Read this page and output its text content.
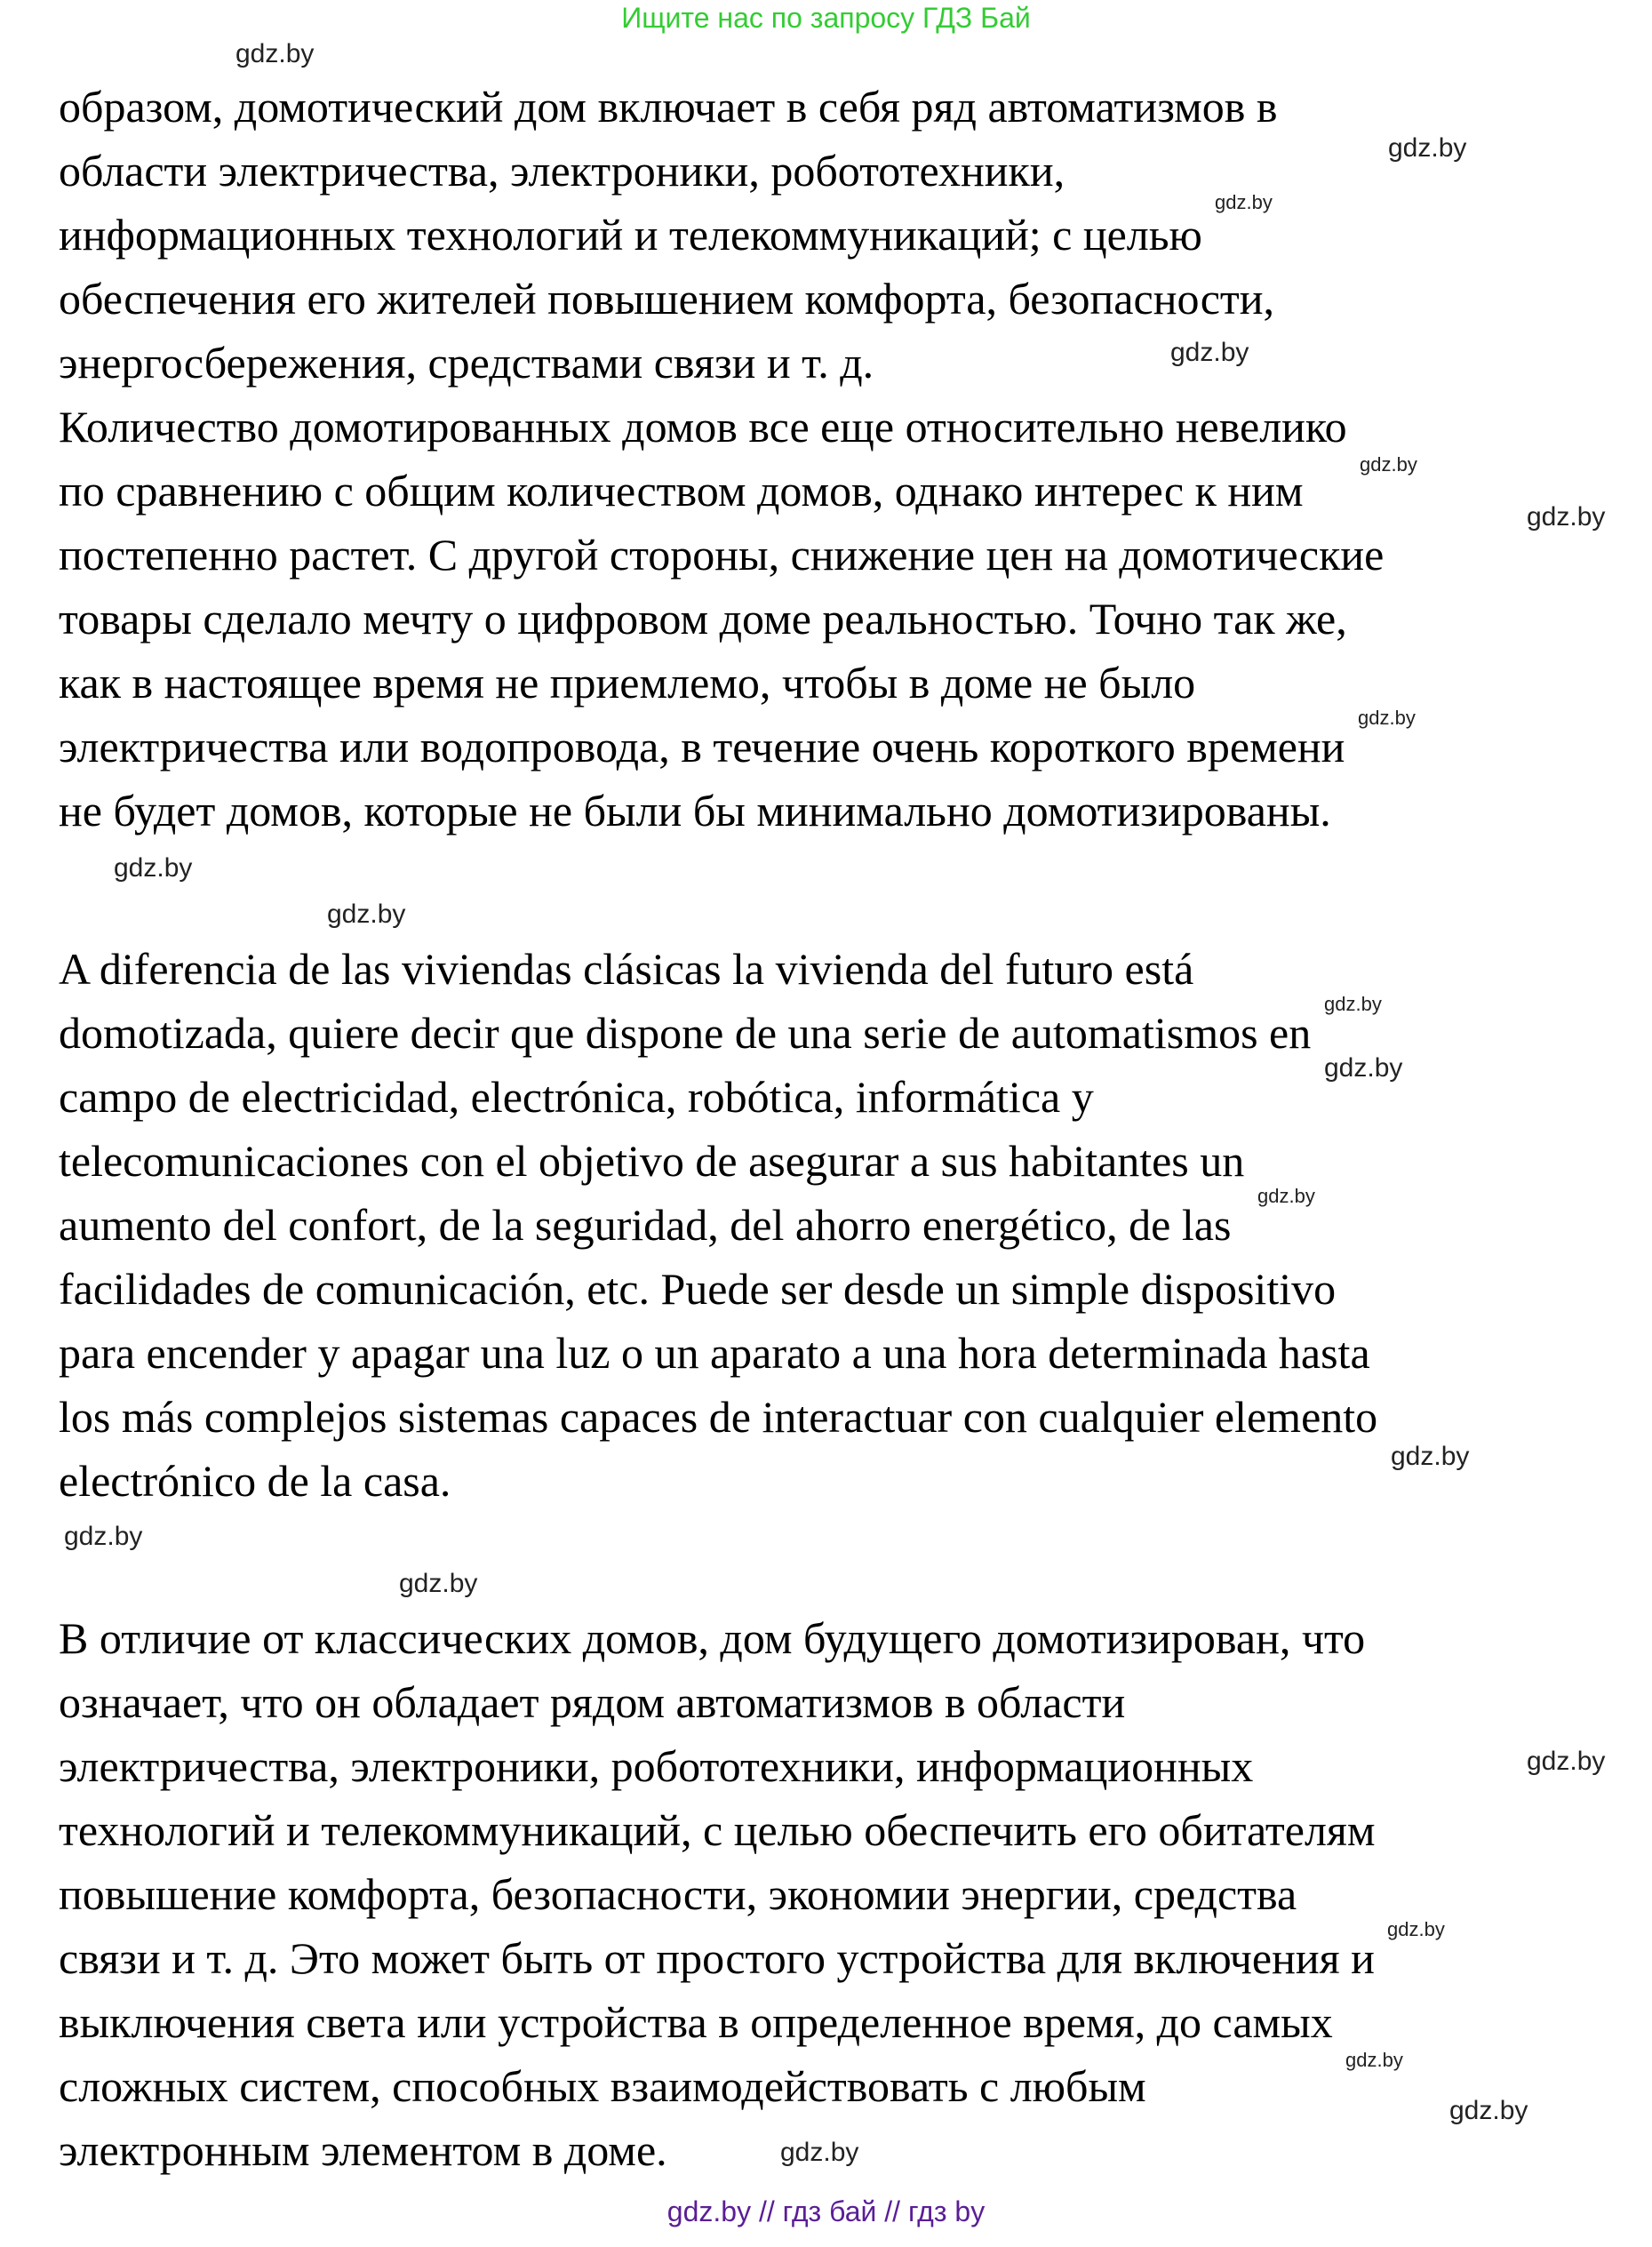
Ищите нас по запросу ГДЗ Бай
образом, домотический дом включает в себя ряд автоматизмов в
области электричества, электроники, робототехники,
информационных технологий и телекоммуникаций; с целью
обеспечения его жителей повышением комфорта, безопасности,
энергосбережения, средствами связи и т. д.
Количество домотированных домов все еще относительно невелико
по сравнению с общим количеством домов, однако интерес к ним
постепенно растет. С другой стороны, снижение цен на домотические
товары сделало мечту о цифровом доме реальностью. Точно так же,
как в настоящее время не приемлемо, чтобы в доме не было
электричества или водопровода, в течение очень короткого времени
не будет домов, которые не были бы минимально домотизированы.
A diferencia de las viviendas clásicas la vivienda del futuro está
domotizada, quiere decir que dispone de una serie de automatismos en
campo de electricidad, electrónica, robótica, informática y
telecomunicaciones con el objetivo de asegurar a sus habitantes un
aumento del confort, de la seguridad, del ahorro energético, de las
facilidades de comunicación, etc. Puede ser desde un simple dispositivo
para encender y apagar una luz o un aparato a una hora determinada hasta
los más complejos sistemas capaces de interactuar con cualquier elemento
electrónico de la casa.
В отличие от классических домов, дом будущего домотизирован, что
означает, что он обладает рядом автоматизмов в области
электричества, электроники, робототехники, информационных
технологий и телекоммуникаций, с целью обеспечить его обитателям
повышение комфорта, безопасности, экономии энергии, средства
связи и т. д. Это может быть от простого устройства для включения и
выключения света или устройства в определенное время, до самых
сложных систем, способных взаимодействовать с любым
электронным элементом в доме.
gdz.by
gdz.by
gdz.by
gdz.by
gdz.by
gdz.by
gdz.by
gdz.by
gdz.by
gdz.by
gdz.by
gdz.by
gdz.by
gdz.by
gdz.by
gdz.by
gdz.by
gdz.by
gdz.by
gdz.by
gdz.by // гдз бай // гдз by
